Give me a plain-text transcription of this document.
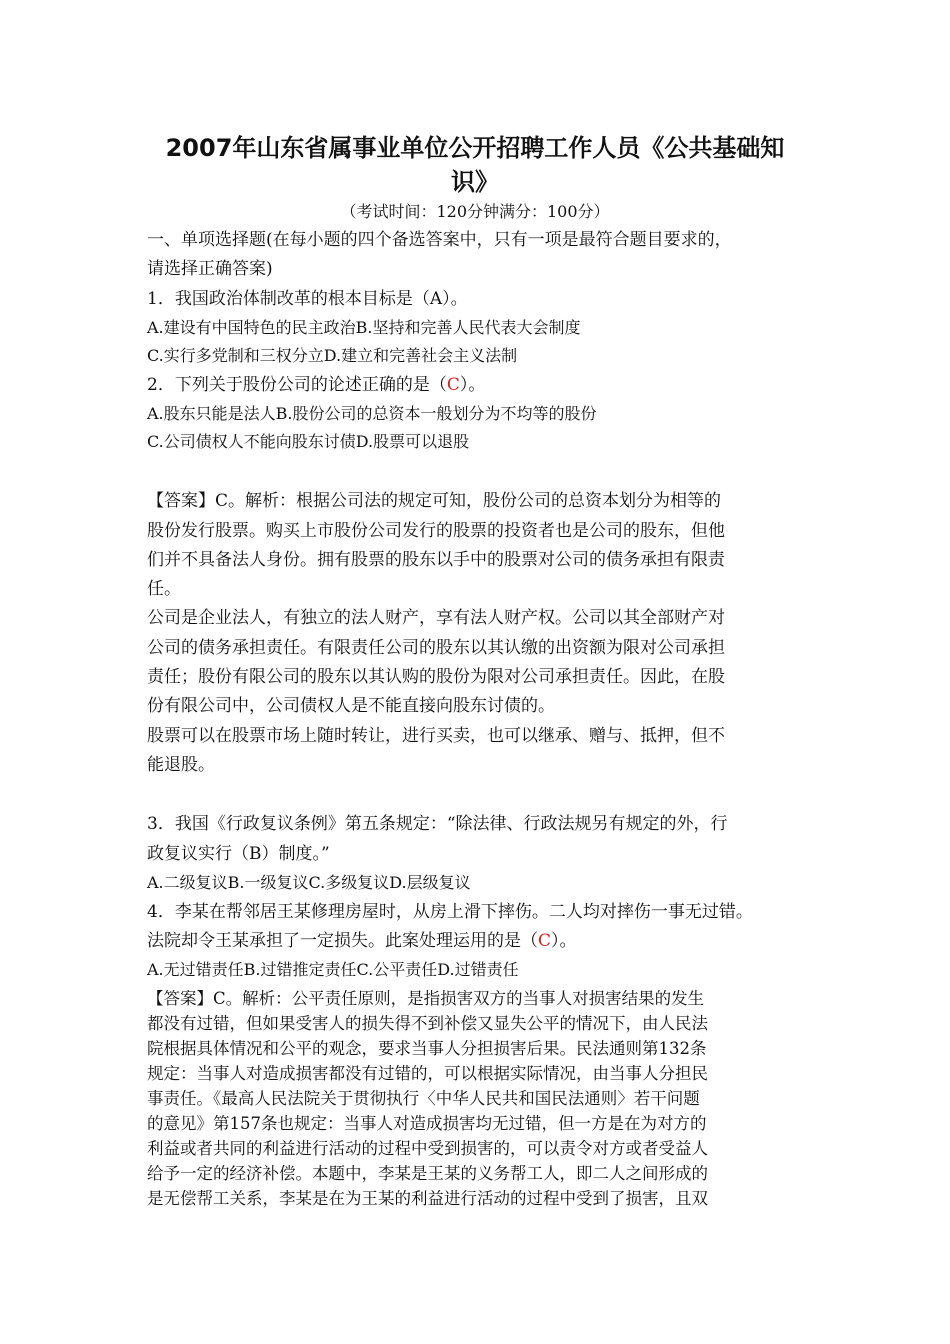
2007年山东省属事业单位公开招聘工作人员《公共基础知
识》

（考试时间：120分钟满分：100分）

一、单项选择题(在每小题的四个备选答案中，只有一项是最符合题目要求的，

请选择正确答案)

1．我国政治体制改革的根本目标是（A）。

A.建设有中国特色的民主政治B.坚持和完善人民代表大会制度

C.实行多党制和三权分立D.建立和完善社会主义法制

2．下列关于股份公司的论述正确的是（C）。

A.股东只能是法人B.股份公司的总资本一般划分为不均等的股份

C.公司债权人不能向股东讨债D.股票可以退股

【答案】C。解析：根据公司法的规定可知，股份公司的总资本划分为相等的

股份发行股票。购买上市股份公司发行的股票的投资者也是公司的股东，但他

们并不具备法人身份。拥有股票的股东以手中的股票对公司的债务承担有限责

任。

公司是企业法人，有独立的法人财产，享有法人财产权。公司以其全部财产对

公司的债务承担责任。有限责任公司的股东以其认缴的出资额为限对公司承担

责任；股份有限公司的股东以其认购的股份为限对公司承担责任。因此，在股

份有限公司中，公司债权人是不能直接向股东讨债的。

股票可以在股票市场上随时转让，进行买卖，也可以继承、赠与、抵押，但不

能退股。

3．我国《行政复议条例》第五条规定：“除法律、行政法规另有规定的外，行

政复议实行（B）制度。”

A.二级复议B.一级复议C.多级复议D.层级复议

4．李某在帮邻居王某修理房屋时，从房上滑下摔伤。二人均对摔伤一事无过错。

法院却令王某承担了一定损失。此案处理运用的是（C）。

A.无过错责任B.过错推定责任C.公平责任D.过错责任

【答案】C。解析：公平责任原则，是指损害双方的当事人对损害结果的发生

都没有过错，但如果受害人的损失得不到补偿又显失公平的情况下，由人民法

院根据具体情况和公平的观念，要求当事人分担损害后果。民法通则第132条

规定：当事人对造成损害都没有过错的，可以根据实际情况，由当事人分担民

事责任。《最高人民法院关于贯彻执行〈中华人民共和国民法通则〉若干问题

的意见》第157条也规定：当事人对造成损害均无过错，但一方是在为对方的

利益或者共同的利益进行活动的过程中受到损害的，可以责令对方或者受益人

给予一定的经济补偿。本题中，李某是王某的义务帮工人，即二人之间形成的

是无偿帮工关系，李某是在为王某的利益进行活动的过程中受到了损害，且双
